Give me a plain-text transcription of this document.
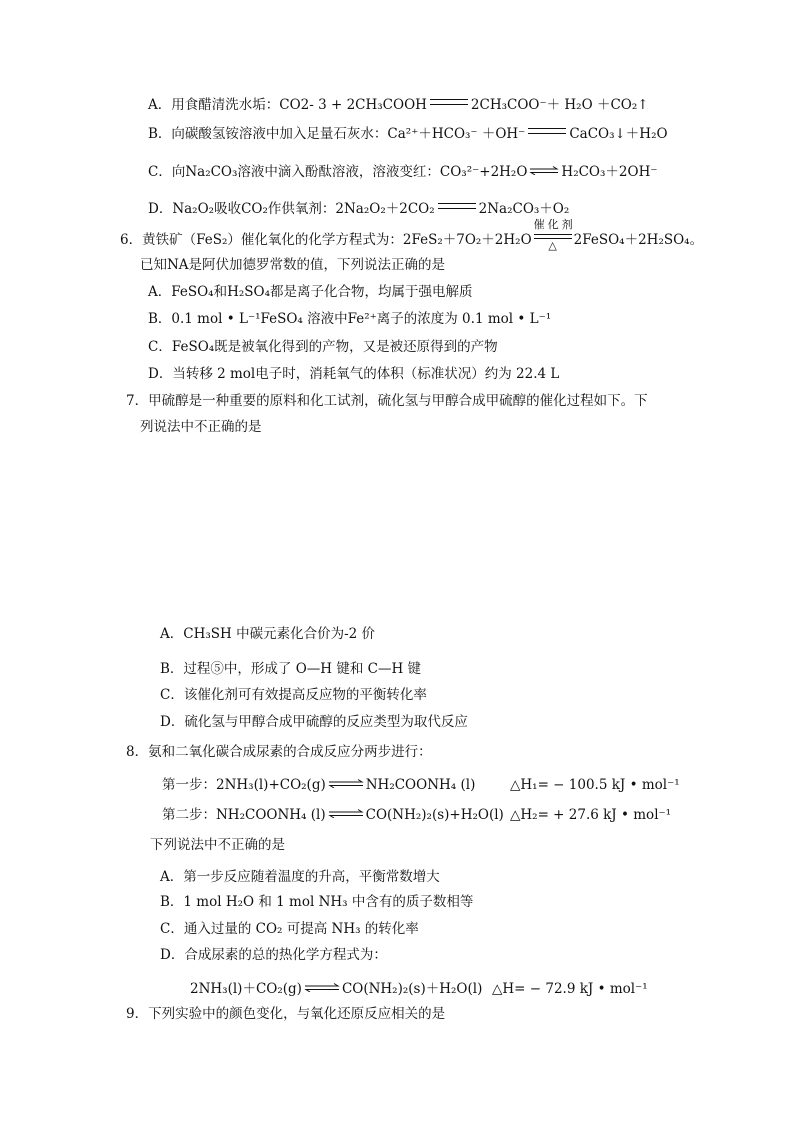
A．用食醋清洗水垢：CO2- 3 + 2CH₃COOH	2CH₃COO⁻＋ H₂O ＋CO₂↑
B．向碳酸氢铵溶液中加入足量石灰水：Ca²⁺＋HCO₃⁻ ＋OH⁻	CaCO₃↓＋H₂O
C．向Na₂CO₃溶液中滴入酚酞溶液，溶液变红：CO₃²⁻+2H₂O ⇌ H₂CO₃＋2OH⁻
D．Na₂O₂吸收CO₂作供氧剂：2Na₂O₂＋2CO₂	2Na₂CO₃＋O₂
6．黄铁矿（FeS₂）催化氧化的化学方程式为：2FeS₂＋7O₂＋2H₂O
催化剂
△	2FeSO₄＋2H₂SO₄。
已知NA是阿伏加德罗常数的值，下列说法正确的是
A．FeSO₄和H₂SO₄都是离子化合物，均属于强电解质
B．0.1 mol • L⁻¹FeSO₄ 溶液中Fe²⁺离子的浓度为 0.1 mol • L⁻¹
C．FeSO₄既是被氧化得到的产物，又是被还原得到的产物
D．当转移 2 mol电子时，消耗氧气的体积（标准状况）约为 22.4 L
7．甲硫醇是一种重要的原料和化工试剂，硫化氢与甲醇合成甲硫醇的催化过程如下。下
列说法中不正确的是
A．CH₃SH 中碳元素化合价为-2 价
B．过程⑤中，形成了 O—H 键和 C—H 键
C．该催化剂可有效提高反应物的平衡转化率
D．硫化氢与甲醇合成甲硫醇的反应类型为取代反应
8．氨和二氧化碳合成尿素的合成反应分两步进行：
第一步：2NH₃(l)+CO₂(g) ⇌ NH₂COONH₄ (l)	△H₁= − 100.5 kJ • mol⁻¹
第二步：NH₂COONH₄ (l) ⇌ CO(NH₂)₂(s)+H₂O(l) △H₂= + 27.6 kJ • mol⁻¹
下列说法中不正确的是
A．第一步反应随着温度的升高，平衡常数增大
B．1 mol H₂O 和 1 mol NH₃ 中含有的质子数相等
C．通入过量的 CO₂ 可提高 NH₃ 的转化率
D．合成尿素的总的热化学方程式为：
2NH₃(l)＋CO₂(g) ⇌ CO(NH₂)₂(s)＋H₂O(l) △H= − 72.9 kJ • mol⁻¹
9．下列实验中的颜色变化，与氧化还原反应相关的是
